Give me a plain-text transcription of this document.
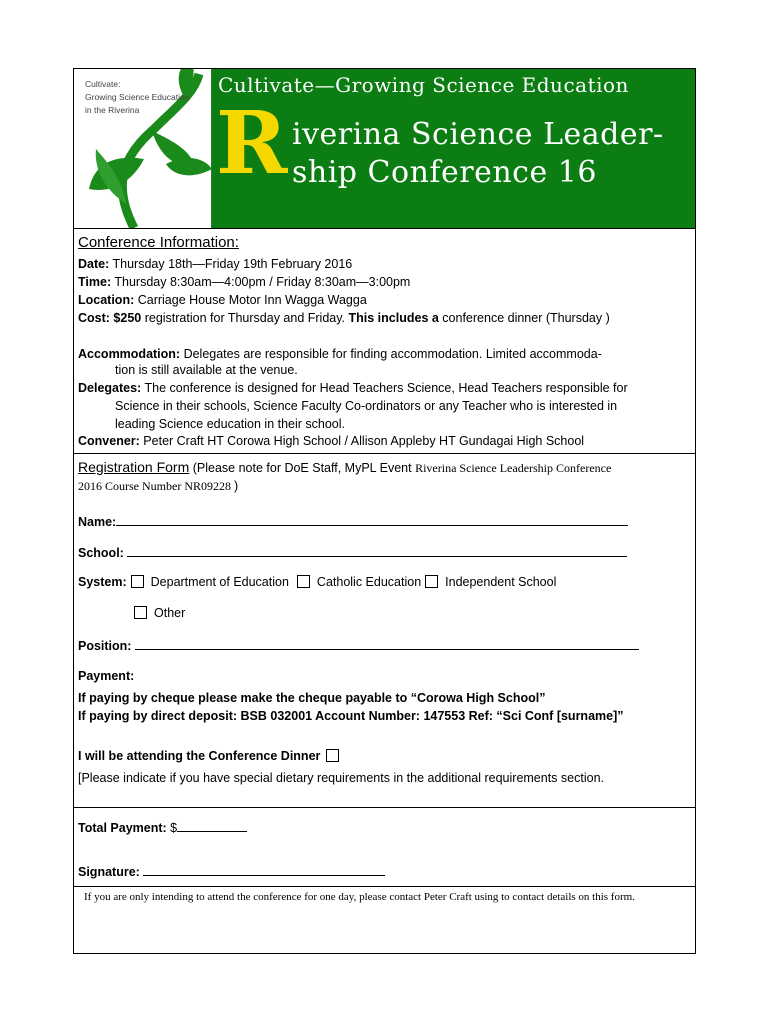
Cultivate:
Growing Science Education
in the Riverina
Cultivate—Growing Science Education
R iverina Science Leader-
ship Conference 16
Conference Information:
Date: Thursday 18th—Friday 19th February 2016
Time: Thursday 8:30am—4:00pm / Friday 8:30am—3:00pm
Location: Carriage House Motor Inn Wagga Wagga
Cost: $250 registration for Thursday and Friday. This includes a conference dinner (Thursday )
Accommodation: Delegates are responsible for finding accommodation. Limited accommoda-
tion is still available at the venue.
Delegates: The conference is designed for Head Teachers Science, Head Teachers responsible for
Science in their schools, Science Faculty Co-ordinators or any Teacher who is interested in
leading Science education in their school.
Convener: Peter Craft HT Corowa High School / Allison Appleby HT Gundagai High School
Registration Form (Please note for DoE Staff, MyPL Event Riverina Science Leadership Conference
2016 Course Number NR09228 )
Name:
School:
System: Department of Education Catholic Education Independent School
Other
Position:
Payment:
If paying by cheque please make the cheque payable to “Corowa High School”
If paying by direct deposit: BSB 032001 Account Number: 147553 Ref: “Sci Conf [surname]”
I will be attending the Conference Dinner
[Please indicate if you have special dietary requirements in the additional requirements section.
Total Payment: $
Signature:
If you are only intending to attend the conference for one day, please contact Peter Craft using to contact details on this form.
